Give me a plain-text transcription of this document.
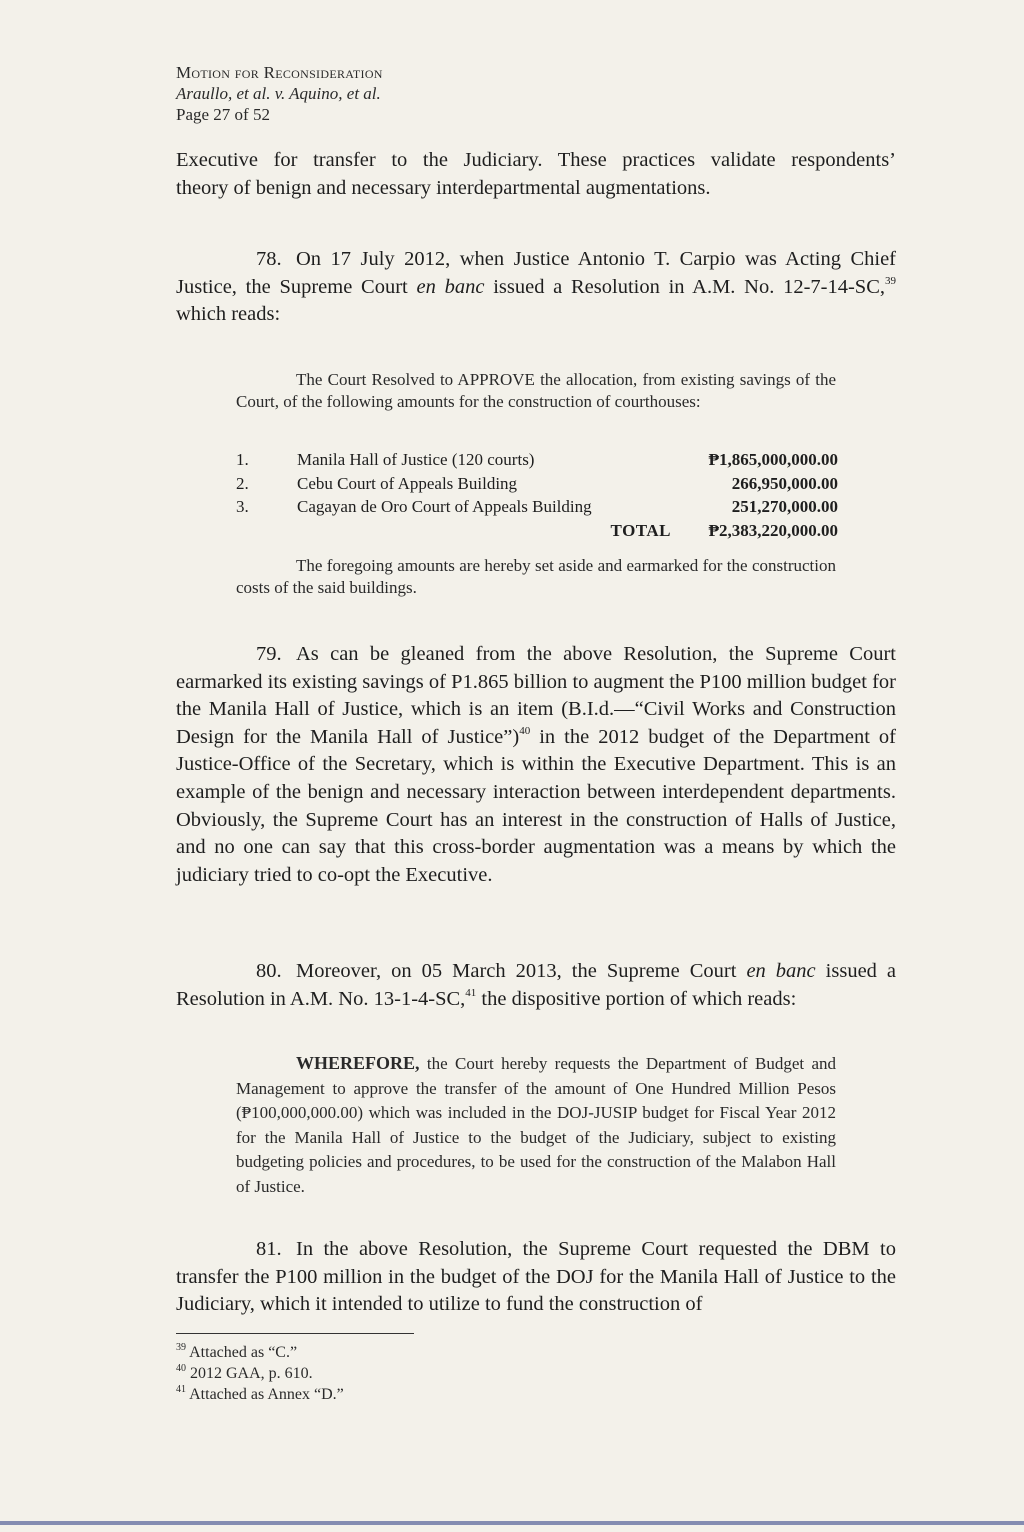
Motion for Reconsideration
Araullo, et al. v. Aquino, et al.
Page 27 of 52
Executive for transfer to the Judiciary. These practices validate respondents’
theory of benign and necessary interdepartmental augmentations.
78. On 17 July 2012, when Justice Antonio T. Carpio was Acting Chief Justice, the Supreme Court en banc issued a Resolution in A.M. No. 12-7-14-SC,$^{39}$ which reads:
The Court Resolved to APPROVE the allocation, from existing savings of the Court, of the following amounts for the construction of courthouses:
1.	Manila Hall of Justice (120 courts)	₱1,865,000,000.00
2.	Cebu Court of Appeals Building	266,950,000.00
3.	Cagayan de Oro Court of Appeals Building	251,270,000.00
TOTAL ₱2,383,220,000.00
The foregoing amounts are hereby set aside and earmarked for the construction costs of the said buildings.
79. As can be gleaned from the above Resolution, the Supreme Court earmarked its existing savings of P1.865 billion to augment the P100 million budget for the Manila Hall of Justice, which is an item (B.I.d.—“Civil Works and Construction Design for the Manila Hall of Justice”)$^{40}$ in the 2012 budget of the Department of Justice-Office of the Secretary, which is within the Executive Department. This is an example of the benign and necessary interaction between interdependent departments. Obviously, the Supreme Court has an interest in the construction of Halls of Justice, and no one can say that this cross-border augmentation was a means by which the judiciary tried to co-opt the Executive.
80. Moreover, on 05 March 2013, the Supreme Court en banc issued a Resolution in A.M. No. 13-1-4-SC,$^{41}$ the dispositive portion of which reads:
WHEREFORE, the Court hereby requests the Department of Budget and Management to approve the transfer of the amount of One Hundred Million Pesos (₱100,000,000.00) which was included in the DOJ-JUSIP budget for Fiscal Year 2012 for the Manila Hall of Justice to the budget of the Judiciary, subject to existing budgeting policies and procedures, to be used for the construction of the Malabon Hall of Justice.
81. In the above Resolution, the Supreme Court requested the DBM to transfer the P100 million in the budget of the DOJ for the Manila Hall of Justice to the Judiciary, which it intended to utilize to fund the construction of
$^{39}$ Attached as “C.”
$^{40}$ 2012 GAA, p. 610.
$^{41}$ Attached as Annex “D.”
